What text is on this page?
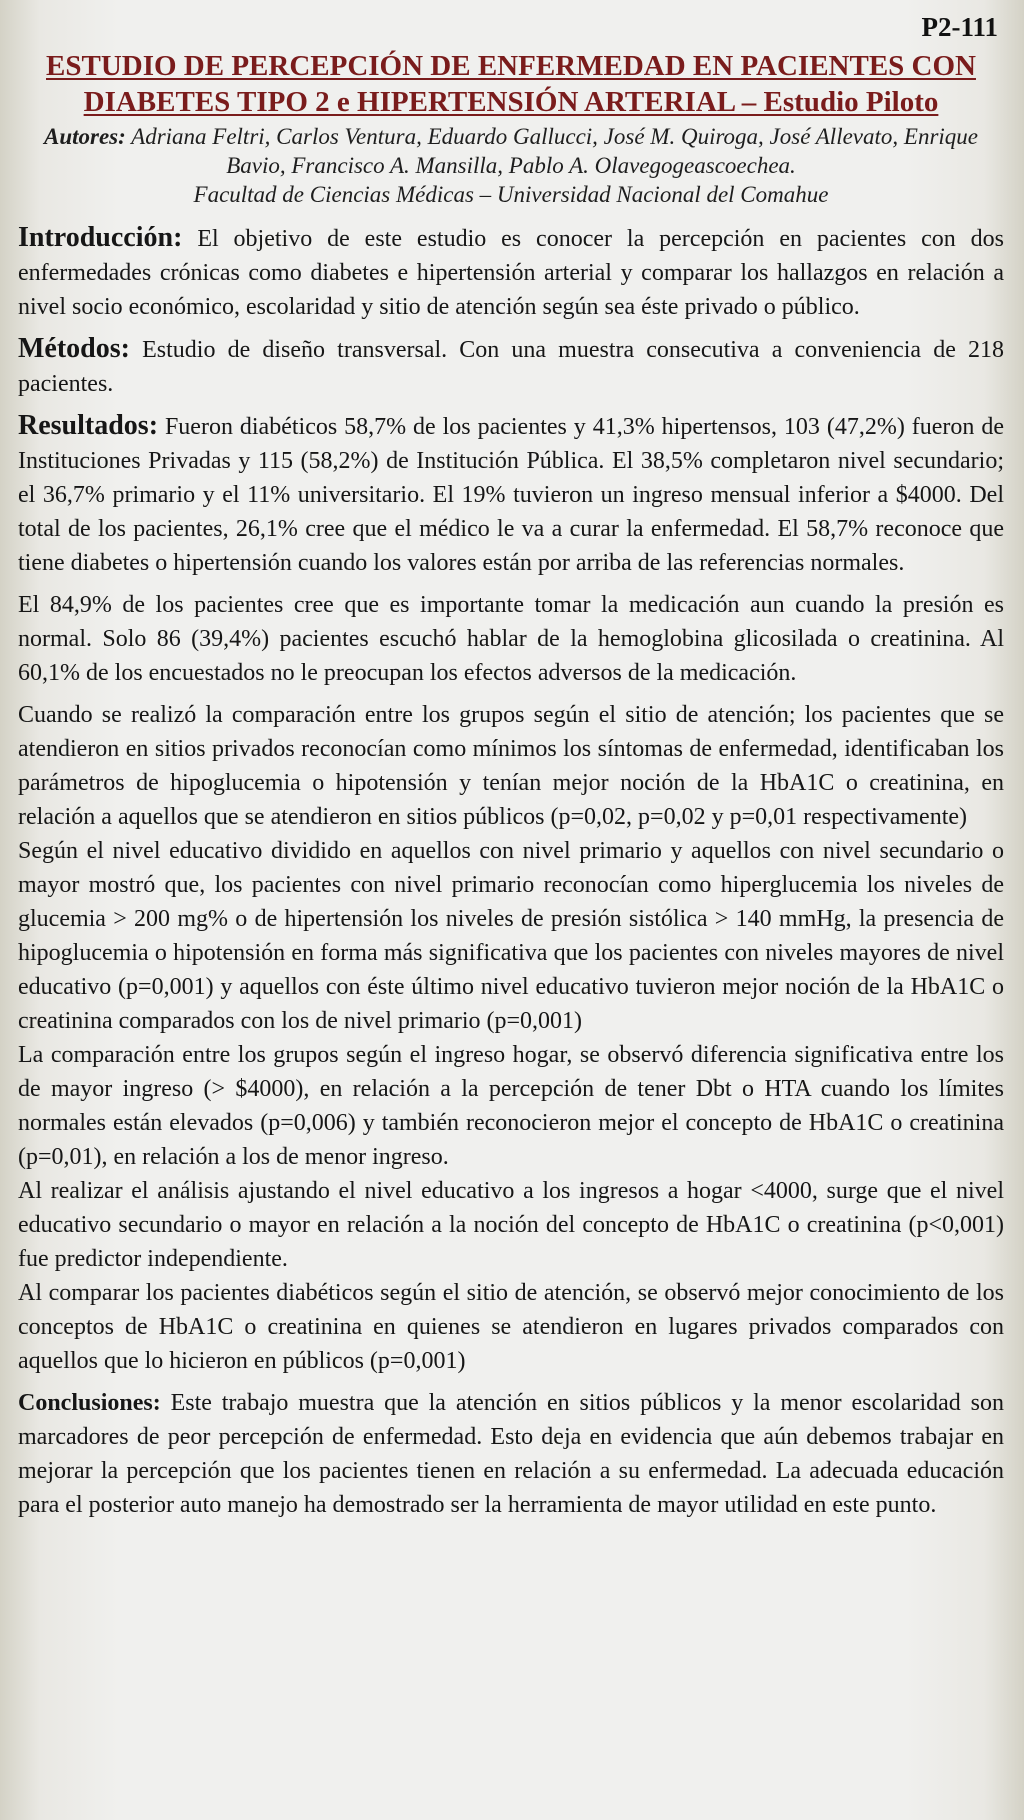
P2-111

ESTUDIO DE PERCEPCIÓN DE ENFERMEDAD EN PACIENTES CON DIABETES TIPO 2 e HIPERTENSIÓN ARTERIAL – Estudio Piloto

Autores: Adriana Feltri, Carlos Ventura, Eduardo Gallucci, José M. Quiroga, José Allevato, Enrique Bavio, Francisco A. Mansilla, Pablo A. Olavegogeascoechea.

Facultad de Ciencias Médicas – Universidad Nacional del Comahue

Introducción: El objetivo de este estudio es conocer la percepción en pacientes con dos enfermedades crónicas como diabetes e hipertensión arterial y comparar los hallazgos en relación a nivel socio económico, escolaridad y sitio de atención según sea éste privado o público.

Métodos: Estudio de diseño transversal. Con una muestra consecutiva a conveniencia de 218 pacientes.

Resultados: Fueron diabéticos 58,7% de los pacientes y 41,3% hipertensos, 103 (47,2%) fueron de Instituciones Privadas y 115 (58,2%) de Institución Pública. El 38,5% completaron nivel secundario; el 36,7% primario y el 11% universitario. El 19% tuvieron un ingreso mensual inferior a $4000. Del total de los pacientes, 26,1% cree que el médico le va a curar la enfermedad. El 58,7% reconoce que tiene diabetes o hipertensión cuando los valores están por arriba de las referencias normales.

El 84,9% de los pacientes cree que es importante tomar la medicación aun cuando la presión es normal. Solo 86 (39,4%) pacientes escuchó hablar de la hemoglobina glicosilada o creatinina. Al 60,1% de los encuestados no le preocupan los efectos adversos de la medicación.

Cuando se realizó la comparación entre los grupos según el sitio de atención; los pacientes que se atendieron en sitios privados reconocían como mínimos los síntomas de enfermedad, identificaban los parámetros de hipoglucemia o hipotensión y tenían mejor noción de la HbA1C o creatinina, en relación a aquellos que se atendieron en sitios públicos (p=0,02, p=0,02 y p=0,01 respectivamente)

Según el nivel educativo dividido en aquellos con nivel primario y aquellos con nivel secundario o mayor mostró que, los pacientes con nivel primario reconocían como hiperglucemia los niveles de glucemia > 200 mg% o de hipertensión los niveles de presión sistólica > 140 mmHg, la presencia de hipoglucemia o hipotensión en forma más significativa que los pacientes con niveles mayores de nivel educativo (p=0,001) y aquellos con éste último nivel educativo tuvieron mejor noción de la HbA1C o creatinina comparados con los de nivel primario (p=0,001)

La comparación entre los grupos según el ingreso hogar, se observó diferencia significativa entre los de mayor ingreso (> $4000), en relación a la percepción de tener Dbt o HTA cuando los límites normales están elevados (p=0,006) y también reconocieron mejor el concepto de HbA1C o creatinina (p=0,01), en relación a los de menor ingreso.

Al realizar el análisis ajustando el nivel educativo a los ingresos a hogar <4000, surge que el nivel educativo secundario o mayor en relación a la noción del concepto de HbA1C o creatinina (p<0,001) fue predictor independiente.

Al comparar los pacientes diabéticos según el sitio de atención, se observó mejor conocimiento de los conceptos de HbA1C o creatinina en quienes se atendieron en lugares privados comparados con aquellos que lo hicieron en públicos (p=0,001)

Conclusiones: Este trabajo muestra que la atención en sitios públicos y la menor escolaridad son marcadores de peor percepción de enfermedad. Esto deja en evidencia que aún debemos trabajar en mejorar la percepción que los pacientes tienen en relación a su enfermedad. La adecuada educación para el posterior auto manejo ha demostrado ser la herramienta de mayor utilidad en este punto.
